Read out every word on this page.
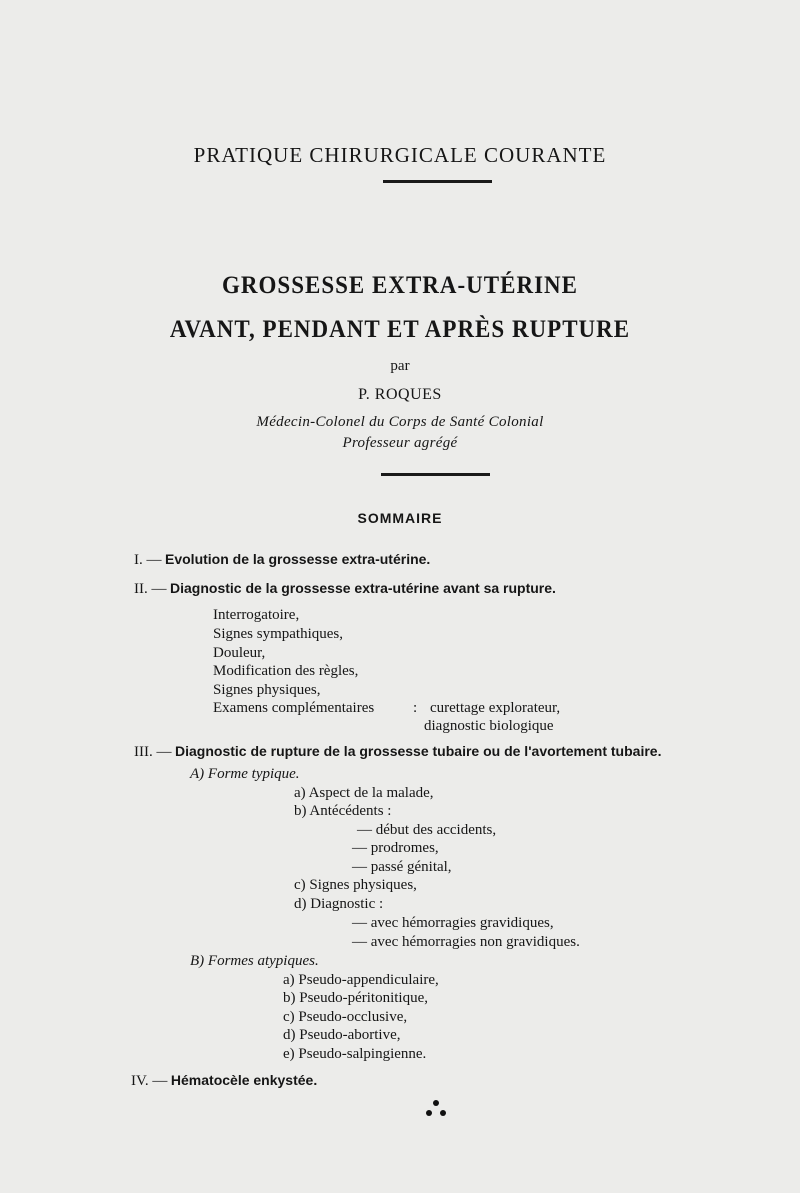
PRATIQUE CHIRURGICALE COURANTE
GROSSESSE EXTRA-UTÉRINE
AVANT, PENDANT ET APRÈS RUPTURE
par
P. ROQUES
Médecin-Colonel du Corps de Santé Colonial
Professeur agrégé
SOMMAIRE
I. — Evolution de la grossesse extra-utérine.
II. — Diagnostic de la grossesse extra-utérine avant sa rupture.
Interrogatoire,
Signes sympathiques,
Douleur,
Modification des règles,
Signes physiques,
Examens complémentaires	: curettage explorateur,
diagnostic biologique
III. — Diagnostic de rupture de la grossesse tubaire ou de l'avortement tubaire.
A) Forme typique.
a) Aspect de la malade,
b) Antécédents :
— début des accidents,
— prodromes,
— passé génital,
c) Signes physiques,
d) Diagnostic :
— avec hémorragies gravidiques,
— avec hémorragies non gravidiques.
B) Formes atypiques.
a) Pseudo-appendiculaire,
b) Pseudo-péritonitique,
c) Pseudo-occlusive,
d) Pseudo-abortive,
e) Pseudo-salpingienne.
IV. — Hématocèle enkystée.
